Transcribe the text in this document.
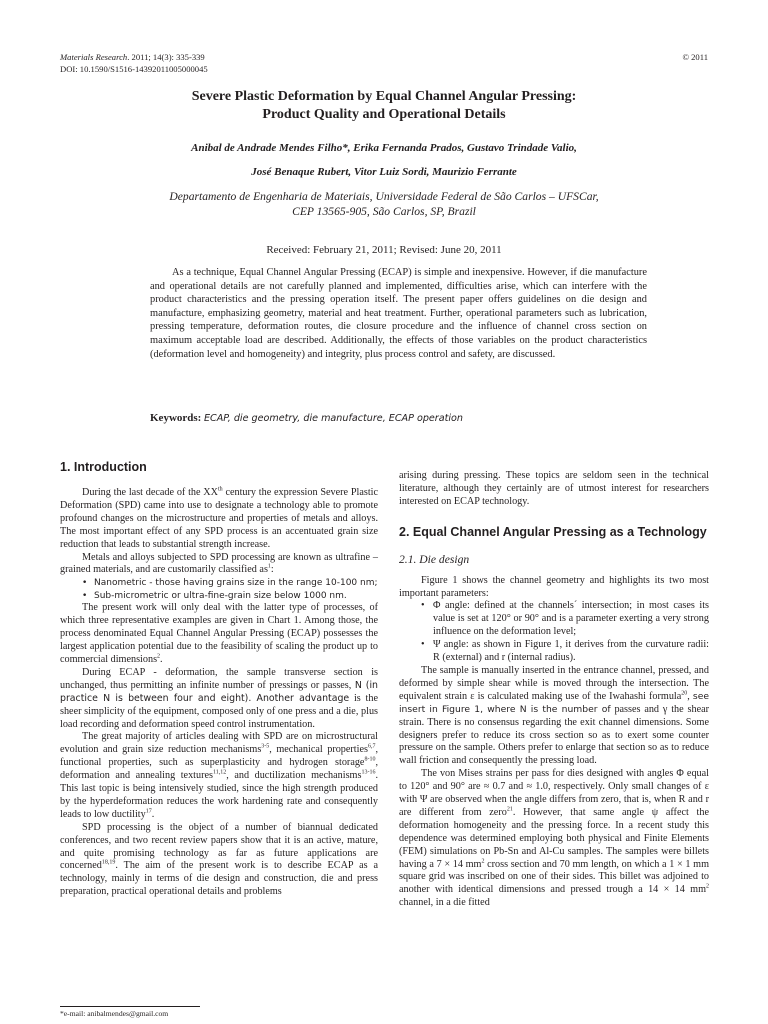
Materials Research. 2011; 14(3): 335-339
DOI: 10.1590/S1516-14392011005000045
© 2011
Severe Plastic Deformation by Equal Channel Angular Pressing:
Product Quality and Operational Details
Anibal de Andrade Mendes Filho*, Erika Fernanda Prados, Gustavo Trindade Valio,
José Benaque Rubert, Vitor Luiz Sordi, Maurizio Ferrante
Departamento de Engenharia de Materiais, Universidade Federal de São Carlos – UFSCar,
CEP 13565-905, São Carlos, SP, Brazil
Received: February 21, 2011; Revised: June 20, 2011

As a technique, Equal Channel Angular Pressing (ECAP) is simple and inexpensive. However, if die manufacture and operational details are not carefully planned and implemented, difficulties arise, which can interfere with the product characteristics and the pressing operation itself. The present paper offers guidelines on die design and manufacture, emphasizing geometry, material and heat treatment. Further, operational parameters such as lubrication, pressing temperature, deformation routes, die closure procedure and the influence of channel cross section on maximum acceptable load are described. Additionally, the effects of those variables on the product characteristics (deformation level and homogeneity) and integrity, plus process control and safety, are discussed.

Keywords: ECAP, die geometry, die manufacture, ECAP operation
1. Introduction

During the last decade of the XXth century the expression Severe Plastic Deformation (SPD) came into use to designate a technology able to promote profound changes on the microstructure and properties of metals and alloys. The most important effect of any SPD process is an accentuated grain size reduction that leads to substantial strength increase.

Metals and alloys subjected to SPD processing are known as ultrafine – grained materials, and are customarily classified $as^1$:

• Nanometric - those having grains size in the range 10-100 nm;
• Sub-micrometric or ultra-fine-grain size below 1000 nm.

The present work will only deal with the latter type of processes, of which three representative examples are given in Chart 1. Among those, the process denominated Equal Channel Angular Pressing (ECAP) possesses the largest application potential due to the feasibility of scaling the product up to commercial dimensions$^2$.

During ECAP - deformation, the sample transverse section is unchanged, thus permitting an infinite number of pressings or passes, N (in practice N is between four and eight). Another advantage is the sheer simplicity of the equipment, composed only of one press and a die, plus load recording and deformation speed control instrumentation.

The great majority of articles dealing with SPD are on microstructural evolution and grain size reduction mechanisms$^{3-5}$, mechanical properties$^{6,7}$, functional properties, such as superplasticity and hydrogen storage$^{8-10}$, deformation and annealing textures$^{11,12}$, and ductilization mechanisms$^{13-16}$. This last topic is being intensively studied, since the high strength produced by the hyperdeformation reduces the work hardening rate and consequently leads to low ductility$^{17}$.

SPD processing is the object of a number of biannual dedicated conferences, and two recent review papers show that it is an active, mature, and quite promising technology as far as future applications are concerned$^{18,19}$. The aim of the present work is to describe ECAP as a technology, mainly in terms of die design and construction, die and press preparation, practical operational details and problems

arising during pressing. These topics are seldom seen in the technical literature, although they certainly are of utmost interest for researchers interested on ECAP technology.

2. Equal Channel Angular Pressing as a Technology
2.1. Die design

Figure 1 shows the channel geometry and highlights its two most important parameters:

• Φ angle: defined at the channels´ intersection; in most cases its value is set at 120° or 90° and is a parameter exerting a very strong influence on the deformation level;
• Ψ angle: as shown in Figure 1, it derives from the curvature radii: R (external) and r (internal radius).

The sample is manually inserted in the entrance channel, pressed, and deformed by simple shear while is moved through the intersection. The equivalent strain ε is calculated making use of the Iwahashi formula$^{20}$, see insert in Figure 1, where N is the number of passes and γ the shear strain. There is no consensus regarding the exit channel dimensions. Some designers prefer to reduce its cross section so as to exert some counter pressure on the sample. Others prefer to enlarge that section so as to reduce wall friction and consequently the pressing load.

The von Mises strains per pass for dies designed with angles Φ equal to 120° and 90° are ≈ 0.7 and ≈ 1.0, respectively. Only small changes of ε with Ψ are observed when the angle differs from zero, that is, when R and r are different from zero$^{21}$. However, that same angle ψ affect the deformation homogeneity and the pressing force. In a recent study this dependence was determined employing both physical and Finite Elements (FEM) simulations on Pb-Sn and Al-Cu samples. The samples were billets having a 7 × 14 $mm^2$ cross section and 70 mm length, on which a 1 × 1 mm square grid was inscribed on one of their sides. This billet was adjoined to another with identical dimensions and pressed trough a 14 × 14 $mm^2$ channel, in a die fitted

*e-mail: anibalmendes@gmail.com
